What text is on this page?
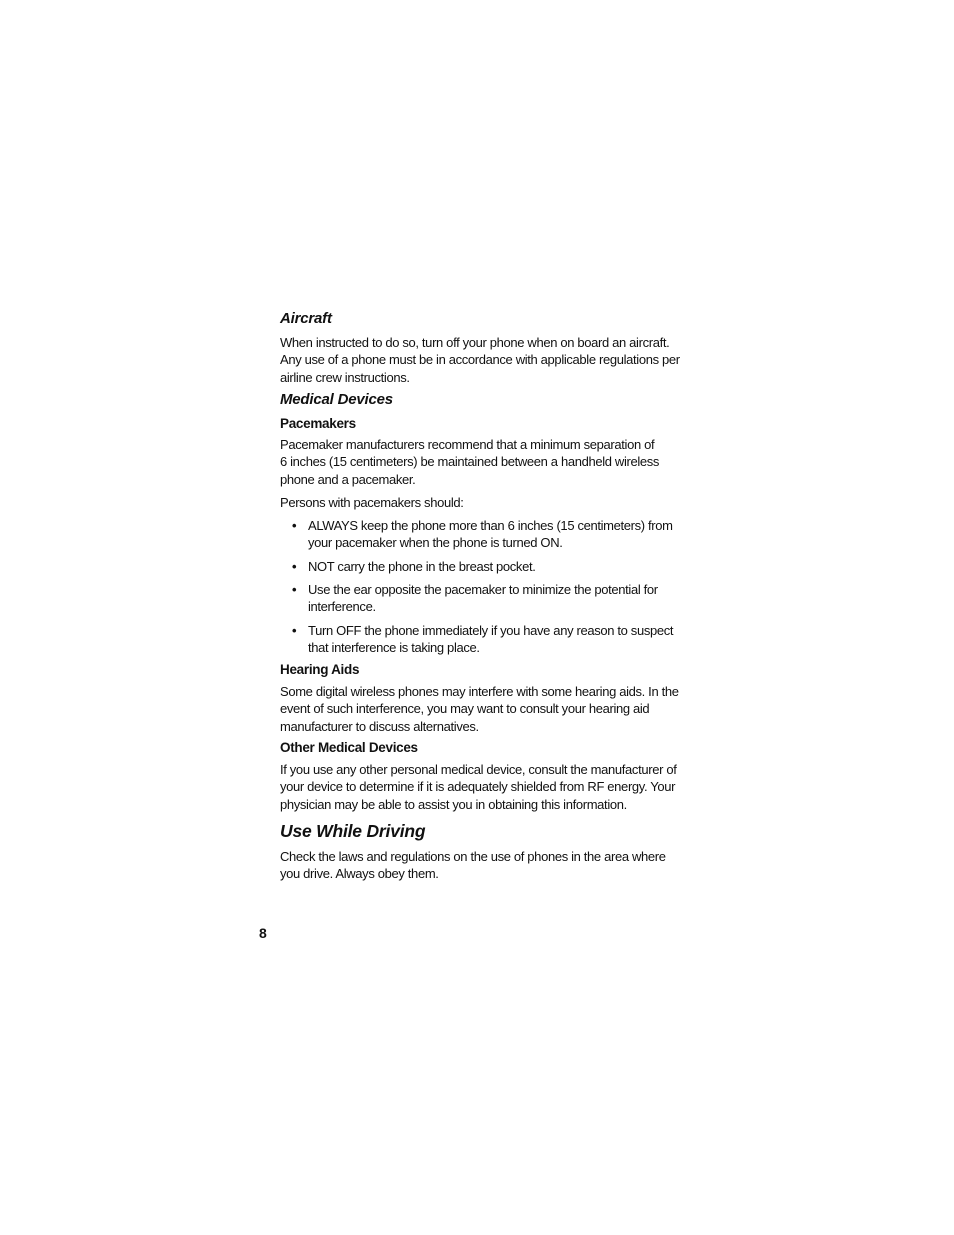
Aircraft
When instructed to do so, turn off your phone when on board an aircraft.
Any use of a phone must be in accordance with applicable regulations per
airline crew instructions.
Medical Devices
Pacemakers
Pacemaker manufacturers recommend that a minimum separation of
6 inches (15 centimeters) be maintained between a handheld wireless
phone and a pacemaker.
Persons with pacemakers should:
• ALWAYS keep the phone more than 6 inches (15 centimeters) from
your pacemaker when the phone is turned ON.
• NOT carry the phone in the breast pocket.
• Use the ear opposite the pacemaker to minimize the potential for
interference.
• Turn OFF the phone immediately if you have any reason to suspect
that interference is taking place.
Hearing Aids
Some digital wireless phones may interfere with some hearing aids. In the
event of such interference, you may want to consult your hearing aid
manufacturer to discuss alternatives.
Other Medical Devices
If you use any other personal medical device, consult the manufacturer of
your device to determine if it is adequately shielded from RF energy. Your
physician may be able to assist you in obtaining this information.
Use While Driving
Check the laws and regulations on the use of phones in the area where
you drive. Always obey them.
8
